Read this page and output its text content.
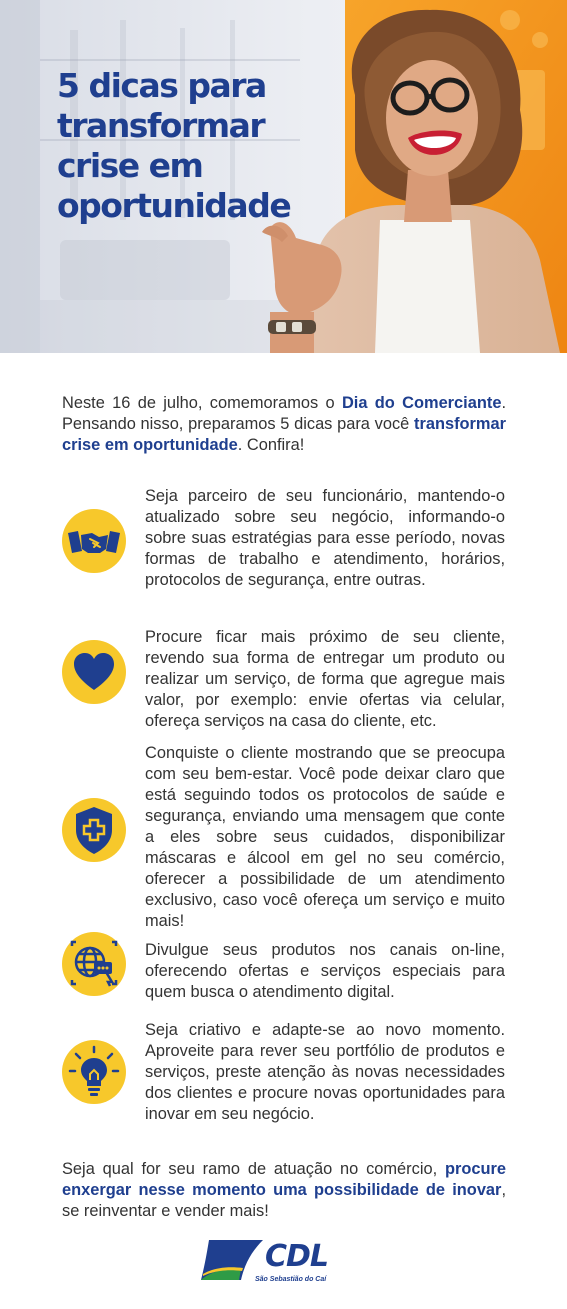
5 dicas para transformar crise em oportunidade

Neste 16 de julho, comemoramos o Dia do Comerciante. Pensando nisso, preparamos 5 dicas para você transformar crise em oportunidade. Confira!

Seja parceiro de seu funcionário, mantendo-o atualizado sobre seu negócio, informando-o sobre suas estratégias para esse período, novas formas de trabalho e atendimento, horários, protocolos de segurança, entre outras.

Procure ficar mais próximo de seu cliente, revendo sua forma de entregar um produto ou realizar um serviço, de forma que agregue mais valor, por exemplo: envie ofertas via celular, ofereça serviços na casa do cliente, etc.

Conquiste o cliente mostrando que se preocupa com seu bem-estar. Você pode deixar claro que está seguindo todos os protocolos de saúde e segurança, enviando uma mensagem que conte a eles sobre seus cuidados, disponibilizar máscaras e álcool em gel no seu comércio, oferecer a possibilidade de um atendimento exclusivo, caso você ofereça um serviço e muito mais!

Divulgue seus produtos nos canais on-line, oferecendo ofertas e serviços especiais para quem busca o atendimento digital.

Seja criativo e adapte-se ao novo momento. Aproveite para rever seu portfólio de produtos e serviços, preste atenção às novas necessidades dos clientes e procure novas oportunidades para inovar em seu negócio.

Seja qual for seu ramo de atuação no comércio, procure enxergar nesse momento uma possibilidade de inovar, se reinventar e vender mais!

CDL

São Sebastião do Caí
